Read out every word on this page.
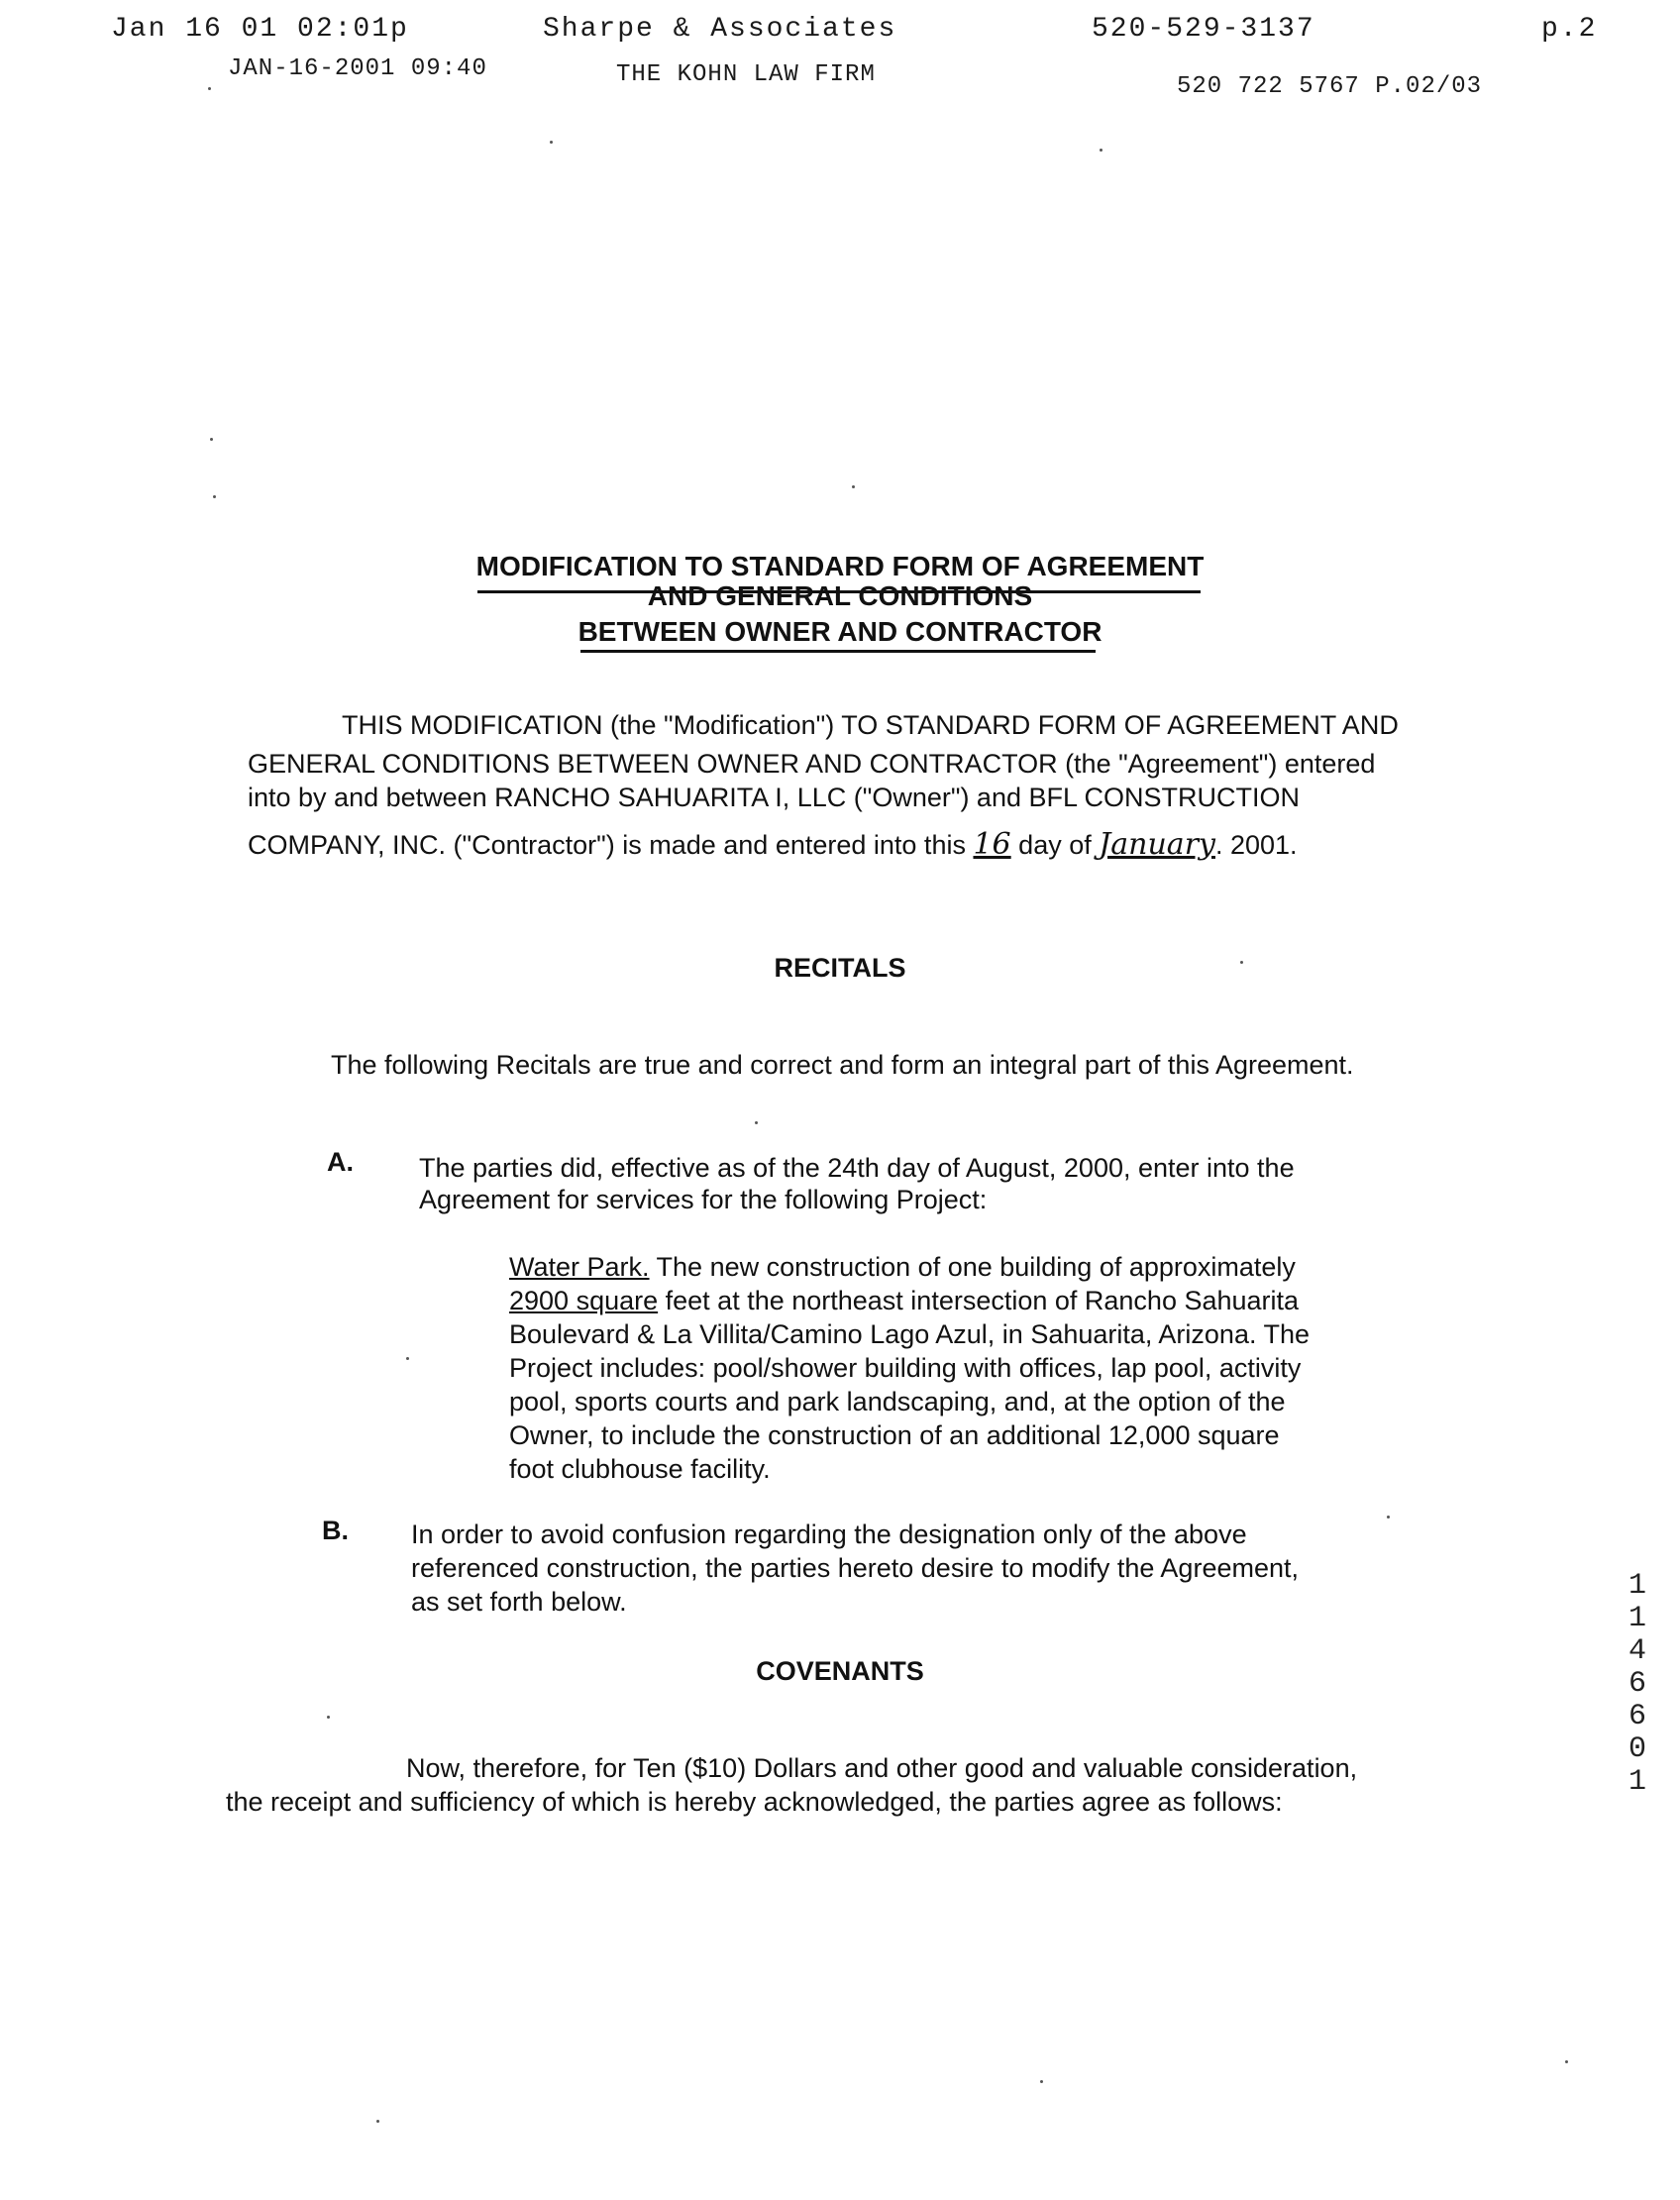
Jan 16 01 02:01p	Sharpe & Associates	520-529-3137	p.2
JAN-16-2001 09:40	THE KOHN LAW FIRM	520 722 5767 P.02/03
MODIFICATION TO STANDARD FORM OF AGREEMENT
AND GENERAL CONDITIONS
BETWEEN OWNER AND CONTRACTOR
THIS MODIFICATION (the "Modification") TO STANDARD FORM OF AGREEMENT AND
GENERAL CONDITIONS BETWEEN OWNER AND CONTRACTOR (the "Agreement") entered
into by and between RANCHO SAHUARITA I, LLC ("Owner") and BFL CONSTRUCTION
COMPANY, INC. ("Contractor") is made and entered into this 16 day of January. 2001.
RECITALS
The following Recitals are true and correct and form an integral part of this Agreement.
A. The parties did, effective as of the 24th day of August, 2000, enter into the
Agreement for services for the following Project:
Water Park. The new construction of one building of approximately
2900 square feet at the northeast intersection of Rancho Sahuarita
Boulevard & La Villita/Camino Lago Azul, in Sahuarita, Arizona. The
Project includes: pool/shower building with offices, lap pool, activity
pool, sports courts and park landscaping, and, at the option of the
Owner, to include the construction of an additional 12,000 square
foot clubhouse facility.
B. In order to avoid confusion regarding the designation only of the above
referenced construction, the parties hereto desire to modify the Agreement,
as set forth below.
COVENANTS
Now, therefore, for Ten ($10) Dollars and other good and valuable consideration,
the receipt and sufficiency of which is hereby acknowledged, the parties agree as follows:
1146601
